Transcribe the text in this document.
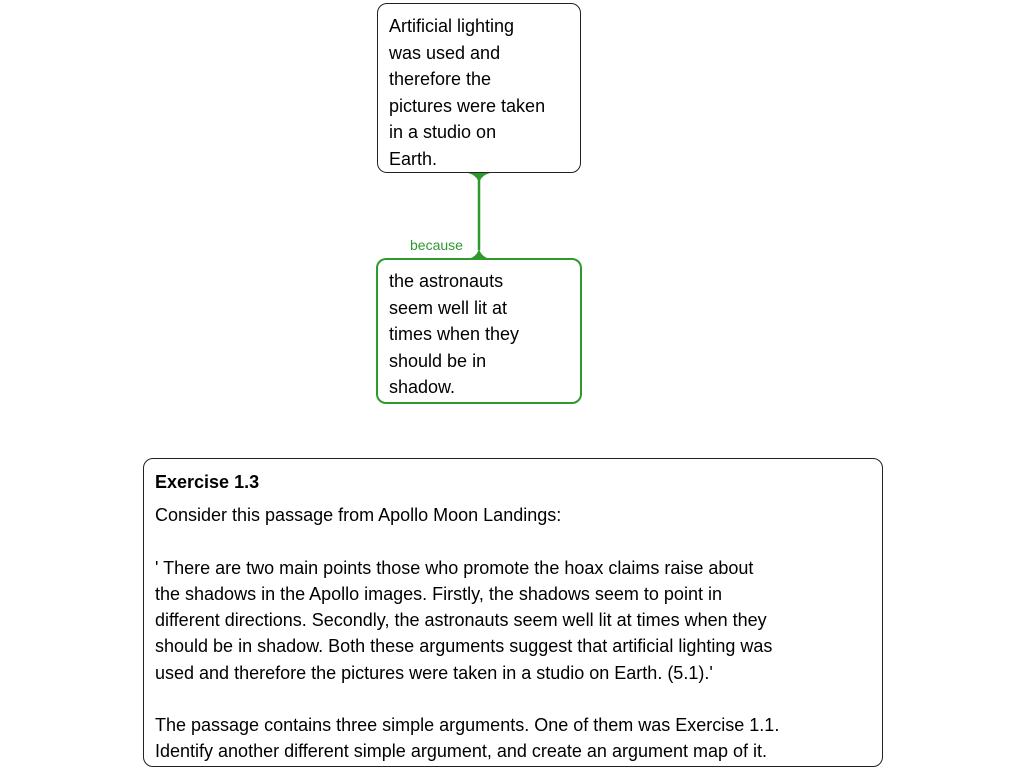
Artificial lighting
was used and
therefore the
pictures were taken
in a studio on
Earth.
because
the astronauts
seem well lit at
times when they
should be in
shadow.
Exercise 1.3

Consider this passage from Apollo Moon Landings:

' There are two main points those who promote the hoax claims raise about
the shadows in the Apollo images. Firstly, the shadows seem to point in
different directions. Secondly, the astronauts seem well lit at times when they
should be in shadow. Both these arguments suggest that artificial lighting was
used and therefore the pictures were taken in a studio on Earth. (5.1).'

The passage contains three simple arguments. One of them was Exercise 1.1.
Identify another different simple argument, and create an argument map of it.
